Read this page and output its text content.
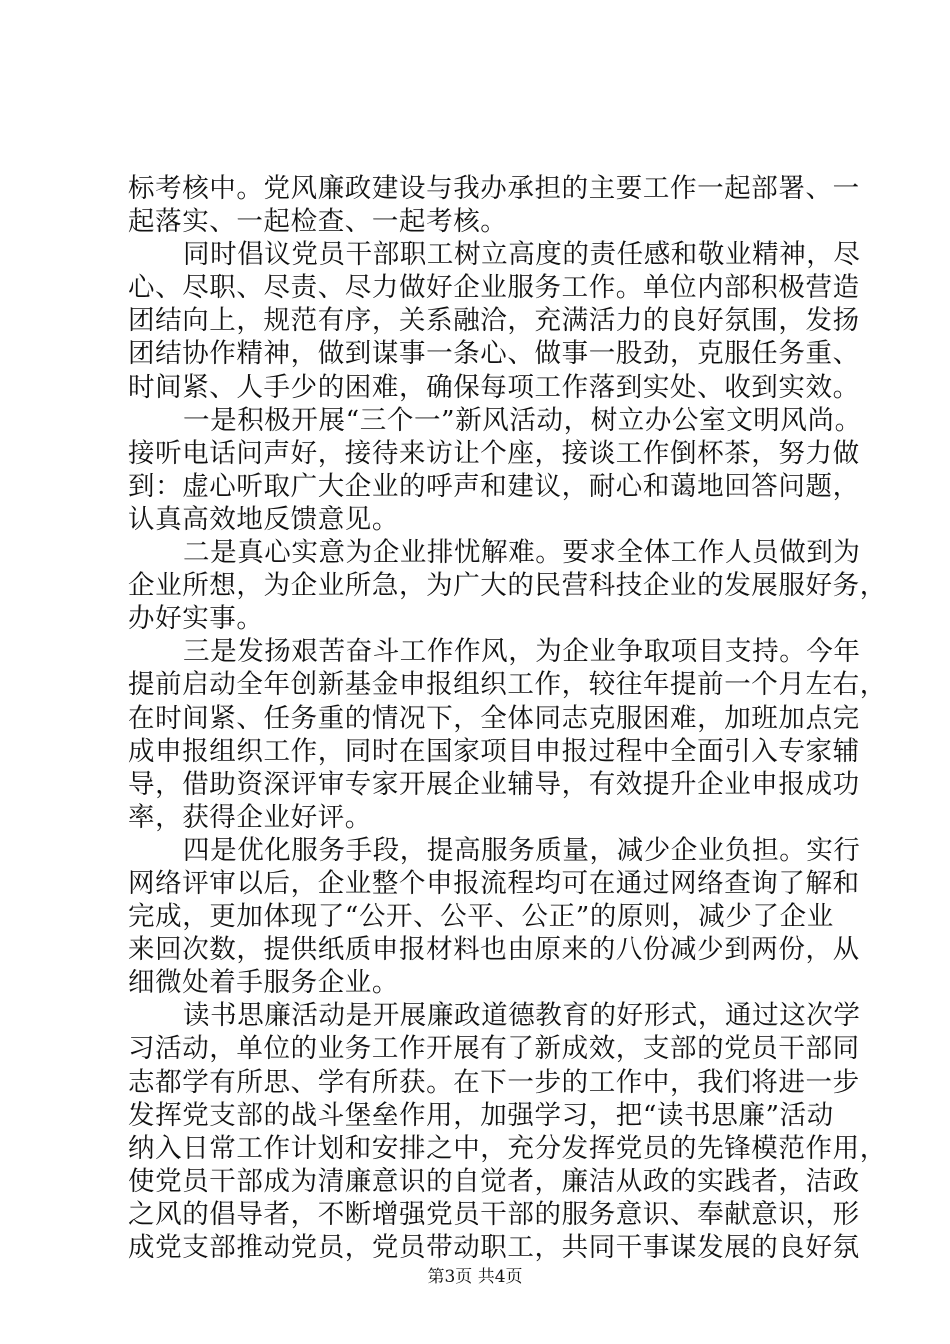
标考核中。党风廉政建设与我办承担的主要工作一起部署、一
起落实、一起检查、一起考核。
同时倡议党员干部职工树立高度的责任感和敬业精神，尽
心、尽职、尽责、尽力做好企业服务工作。单位内部积极营造
团结向上，规范有序，关系融洽，充满活力的良好氛围，发扬
团结协作精神，做到谋事一条心、做事一股劲，克服任务重、
时间紧、人手少的困难，确保每项工作落到实处、收到实效。
一是积极开展“三个一”新风活动，树立办公室文明风尚。
接听电话问声好，接待来访让个座，接谈工作倒杯茶，努力做
到：虚心听取广大企业的呼声和建议，耐心和蔼地回答问题，
认真高效地反馈意见。
二是真心实意为企业排忧解难。要求全体工作人员做到为
企业所想，为企业所急，为广大的民营科技企业的发展服好务，
办好实事。
三是发扬艰苦奋斗工作作风，为企业争取项目支持。今年
提前启动全年创新基金申报组织工作，较往年提前一个月左右，
在时间紧、任务重的情况下，全体同志克服困难，加班加点完
成申报组织工作，同时在国家项目申报过程中全面引入专家辅
导，借助资深评审专家开展企业辅导，有效提升企业申报成功
率，获得企业好评。
四是优化服务手段，提高服务质量，减少企业负担。实行
网络评审以后，企业整个申报流程均可在通过网络查询了解和
完成，更加体现了“公开、公平、公正”的原则，减少了企业
来回次数，提供纸质申报材料也由原来的八份减少到两份，从
细微处着手服务企业。
读书思廉活动是开展廉政道德教育的好形式，通过这次学
习活动，单位的业务工作开展有了新成效，支部的党员干部同
志都学有所思、学有所获。在下一步的工作中，我们将进一步
发挥党支部的战斗堡垒作用，加强学习，把“读书思廉”活动
纳入日常工作计划和安排之中，充分发挥党员的先锋模范作用，
使党员干部成为清廉意识的自觉者，廉洁从政的实践者，洁政
之风的倡导者，不断增强党员干部的服务意识、奉献意识，形
成党支部推动党员，党员带动职工，共同干事谋发展的良好氛
第3页 共4页
